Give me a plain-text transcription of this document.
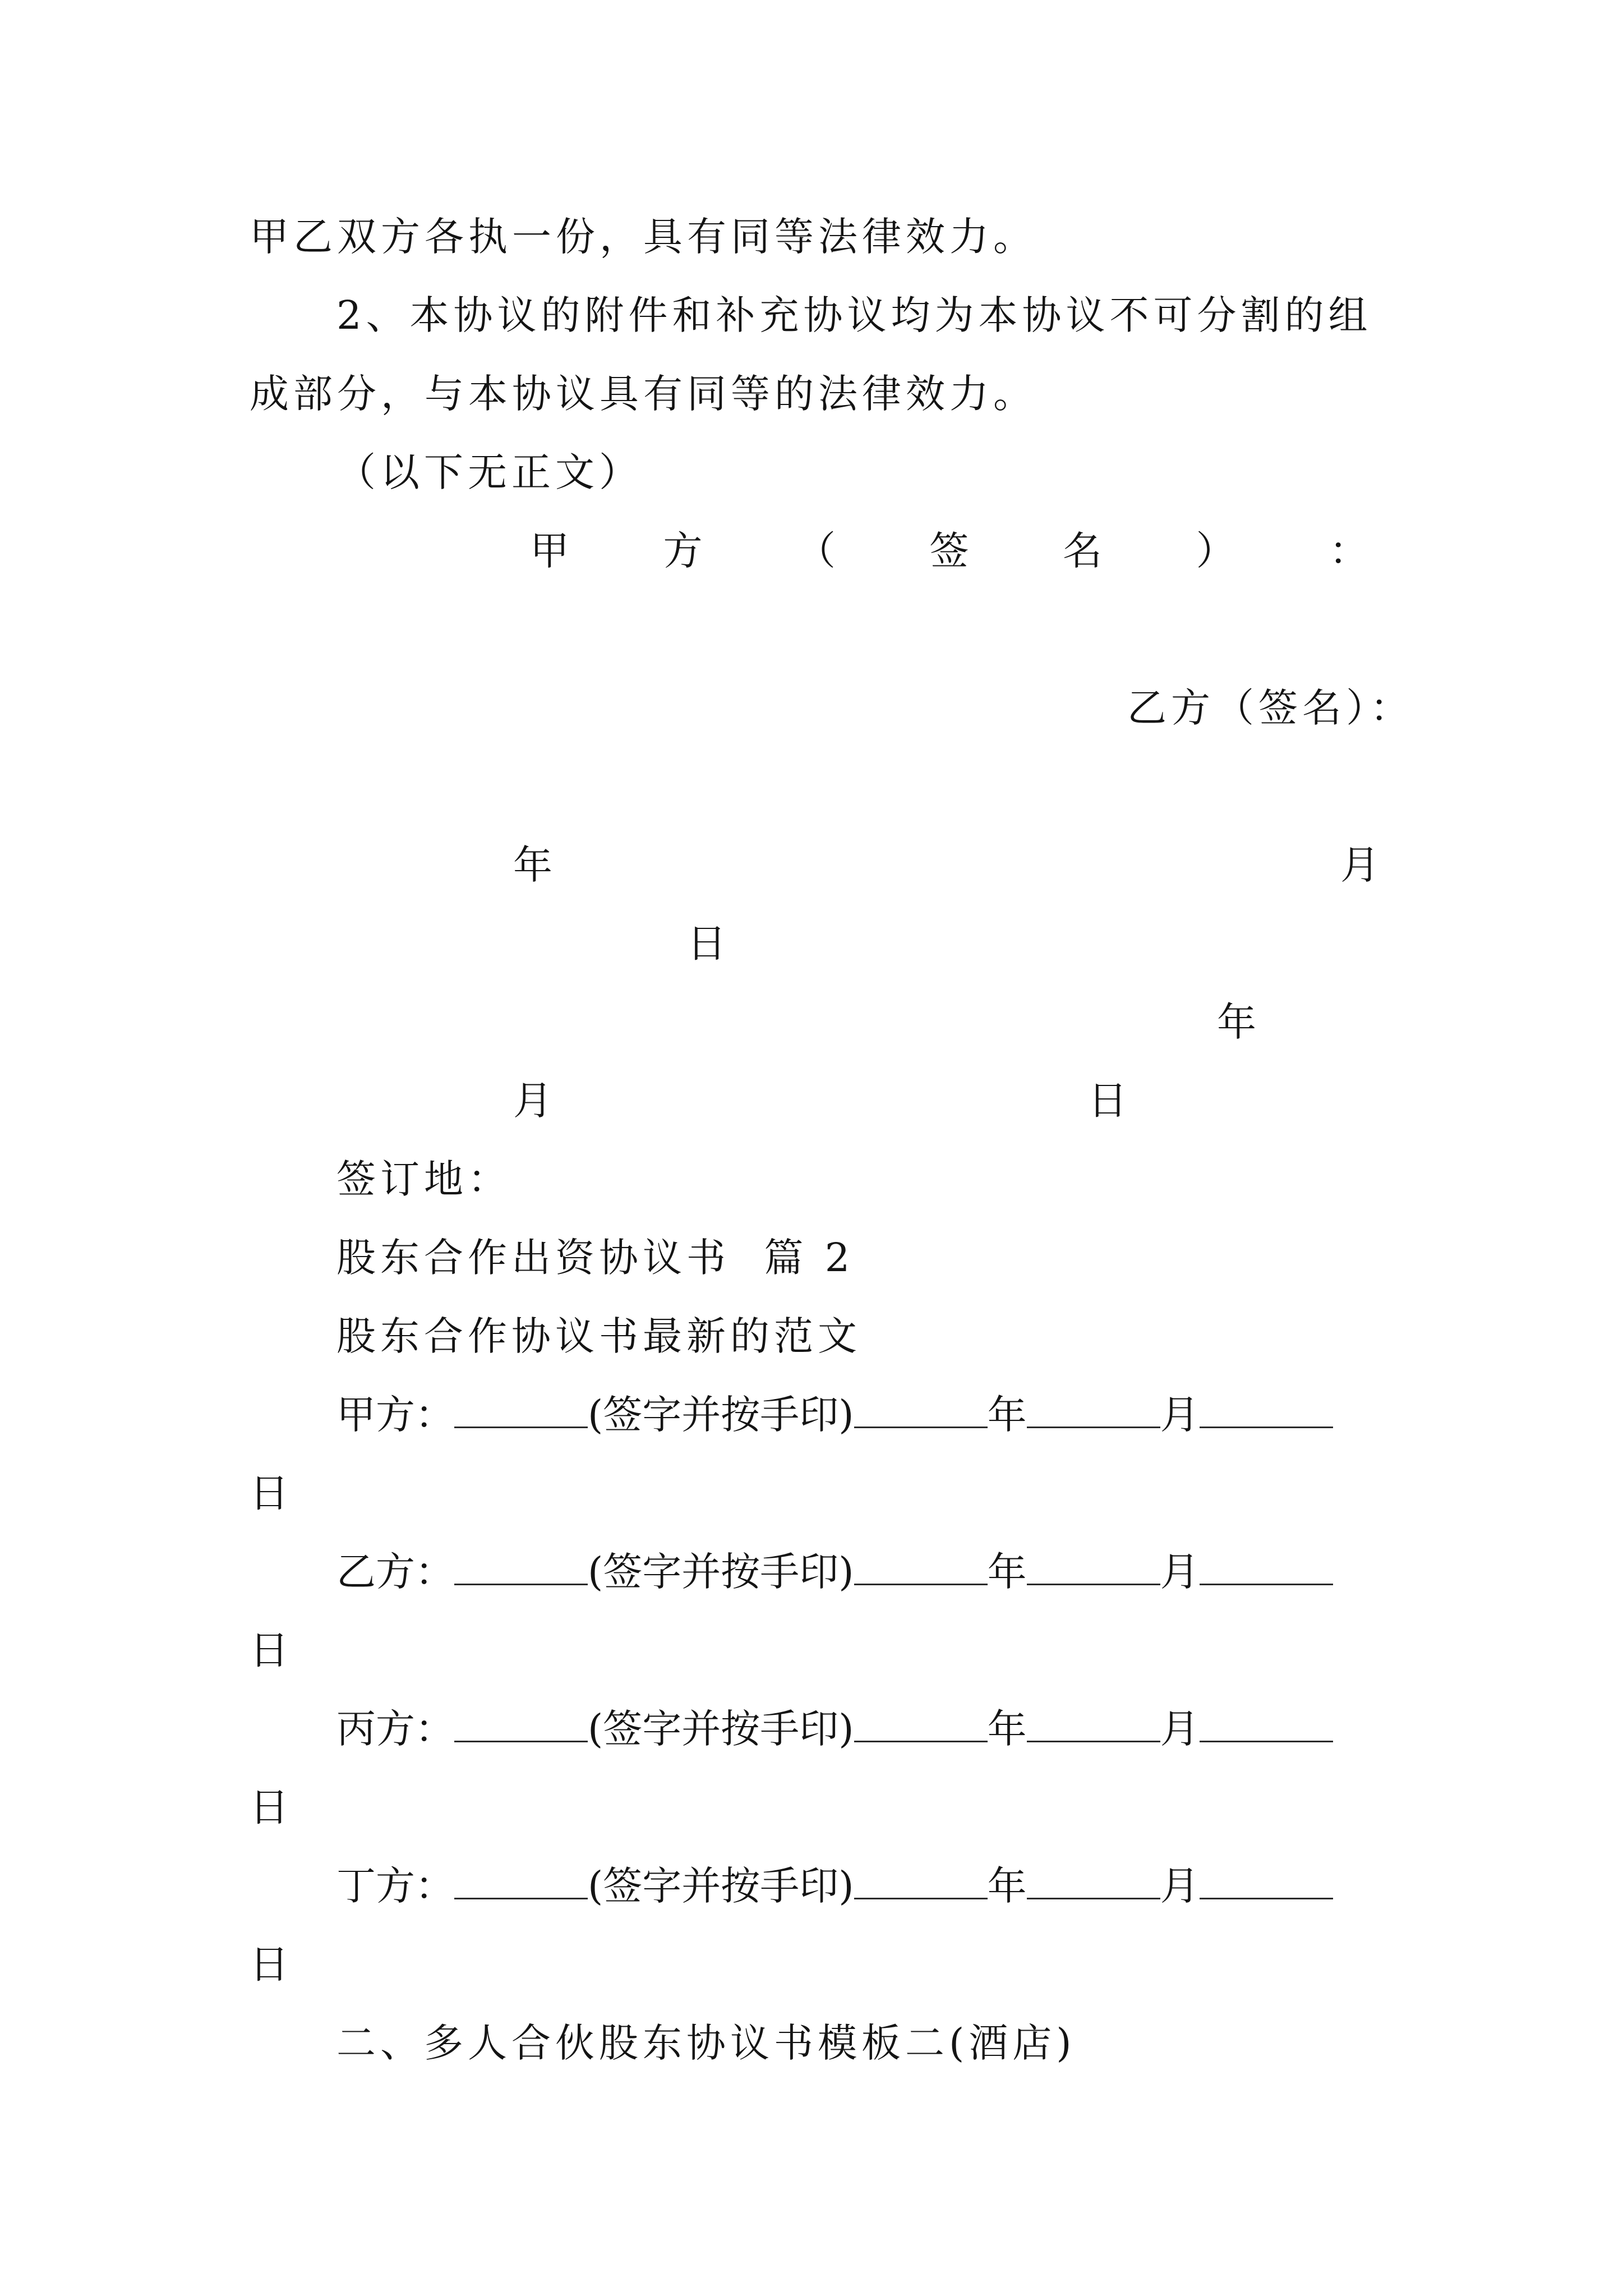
甲乙双方各执一份，具有同等法律效力。
2、本协议的附件和补充协议均为本协议不可分割的组
成部分，与本协议具有同等的法律效力。
（以下无正文）
甲 方 （ 签 名 ） ：
乙方（签名）：
年	月
日
年
月	日
签订地：
股东合作出资协议书  篇 2
股东合作协议书最新的范文
甲方：	(签字并按手印)	年	月
日
乙方：	(签字并按手印)	年	月
日
丙方：	(签字并按手印)	年	月
日
丁方：	(签字并按手印)	年	月
日
二、多人合伙股东协议书模板二(酒店)
